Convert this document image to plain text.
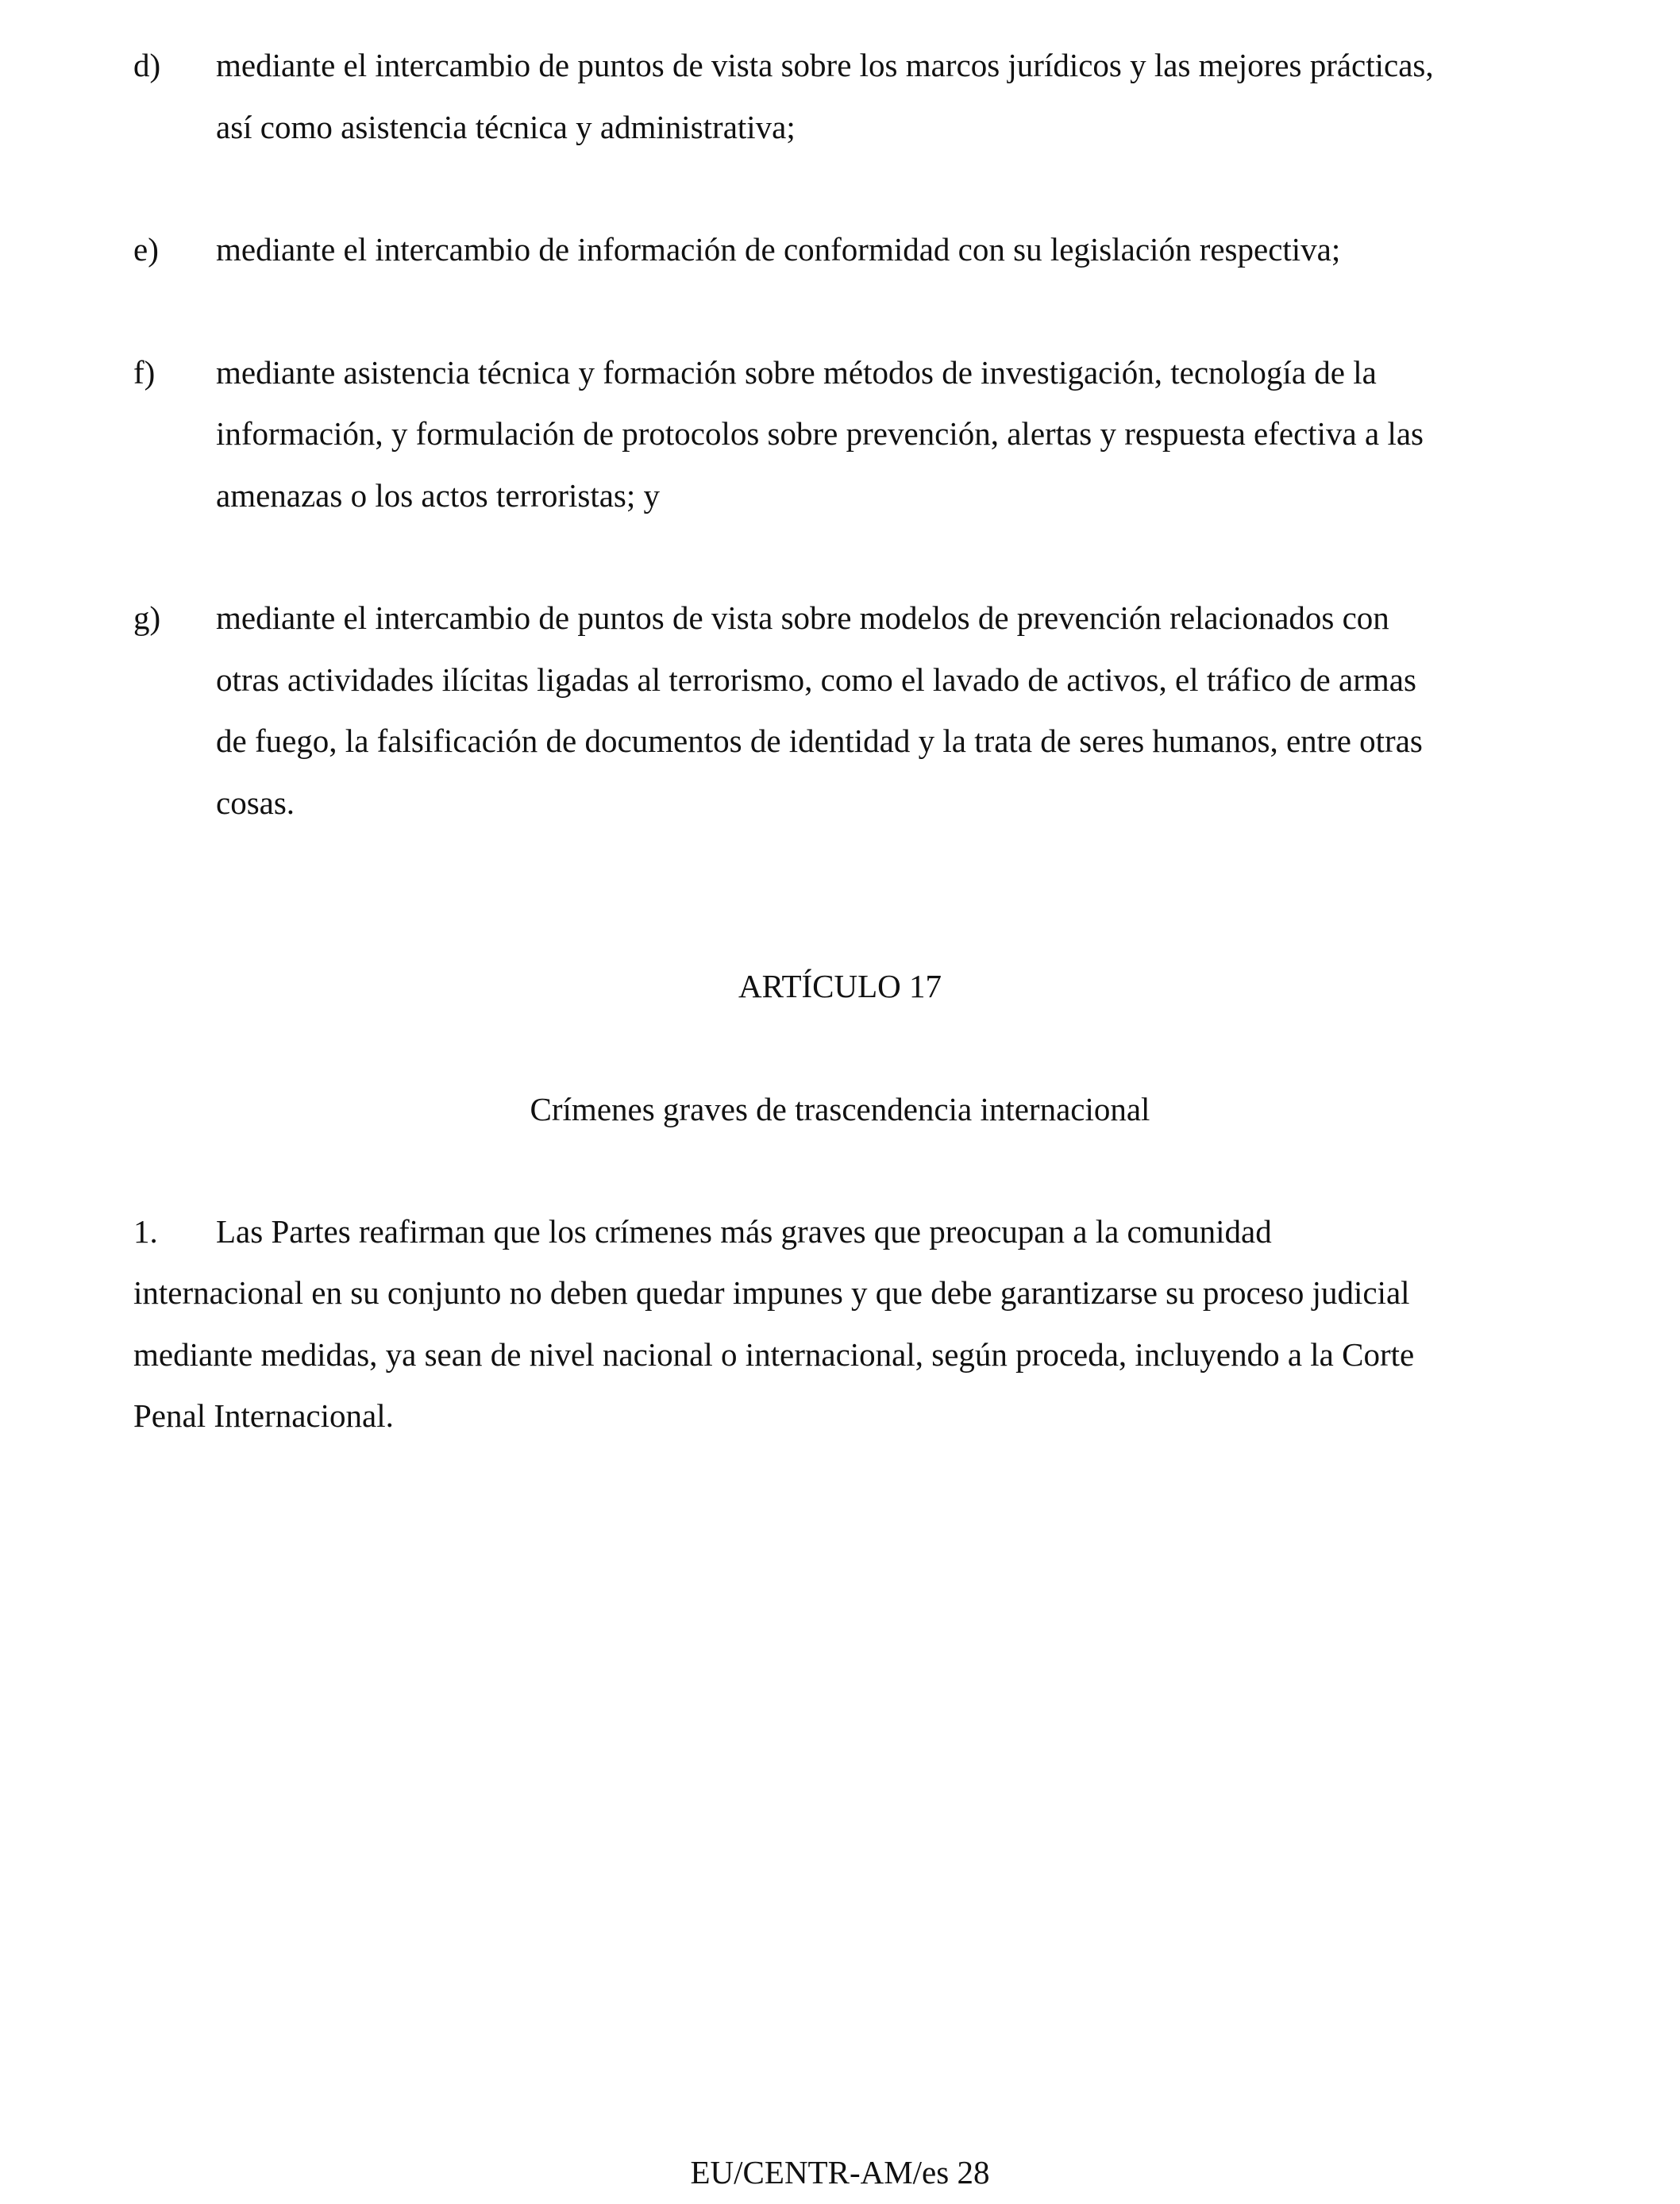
d) mediante el intercambio de puntos de vista sobre los marcos jurídicos y las mejores prácticas,
así como asistencia técnica y administrativa;
e) mediante el intercambio de información de conformidad con su legislación respectiva;
f) mediante asistencia técnica y formación sobre métodos de investigación, tecnología de la
información, y formulación de protocolos sobre prevención, alertas y respuesta efectiva a las
amenazas o los actos terroristas; y
g) mediante el intercambio de puntos de vista sobre modelos de prevención relacionados con
otras actividades ilícitas ligadas al terrorismo, como el lavado de activos, el tráfico de armas
de fuego, la falsificación de documentos de identidad y la trata de seres humanos, entre otras
cosas.
ARTÍCULO 17
Crímenes graves de trascendencia internacional
1. Las Partes reafirman que los crímenes más graves que preocupan a la comunidad
internacional en su conjunto no deben quedar impunes y que debe garantizarse su proceso judicial
mediante medidas, ya sean de nivel nacional o internacional, según proceda, incluyendo a la Corte
Penal Internacional.
EU/CENTR-AM/es 28
